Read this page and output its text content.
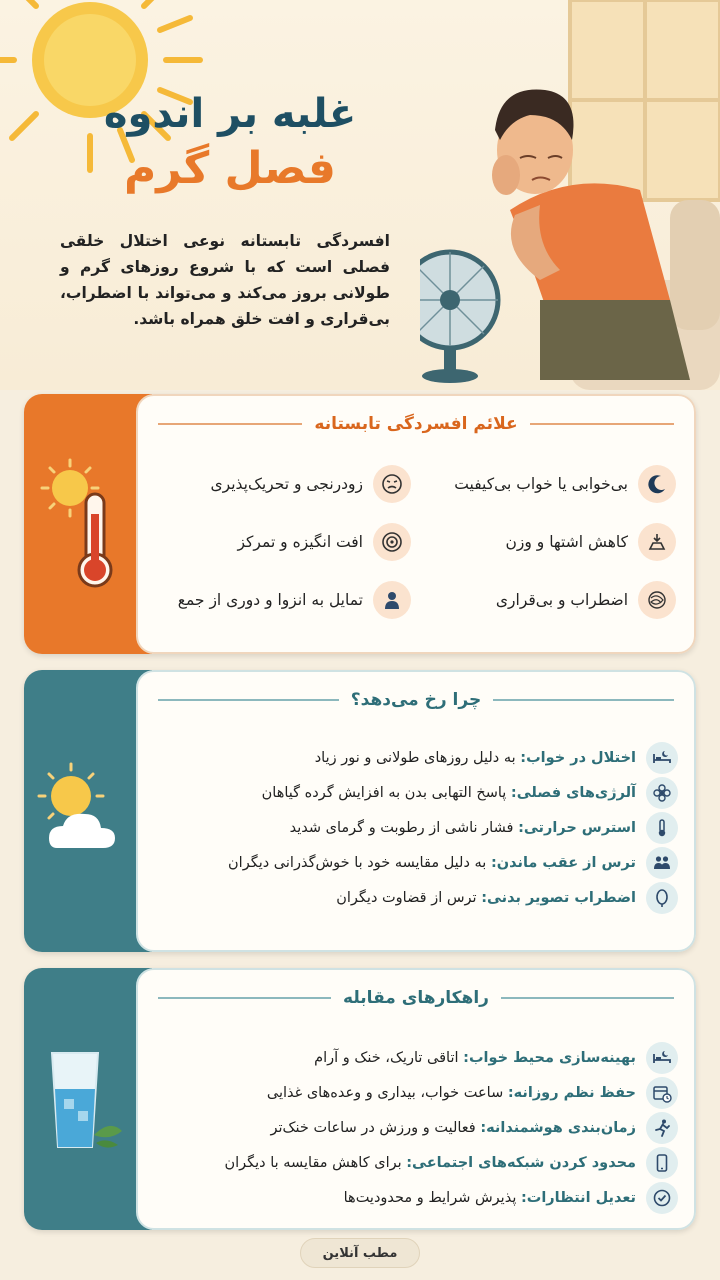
غلبه بر اندوه
فصل گرم
افسردگی تابستانه نوعی اختلال خلقی فصلی است که با شروع روزهای گرم و طولانی بروز می‌کند و می‌تواند با اضطراب، بی‌قراری و افت خلق همراه باشد.
علائم افسردگی تابستانه
بی‌خوابی یا خواب بی‌کیفیت
زودرنجی و تحریک‌پذیری
کاهش اشتها و وزن
افت انگیزه و تمرکز
اضطراب و بی‌قراری
تمایل به انزوا و دوری از جمع
چرا رخ می‌دهد؟
اختلال در خواب: به دلیل روزهای طولانی و نور زیاد
آلرژی‌های فصلی: پاسخ التهابی بدن به افزایش گرده گیاهان
استرس حرارتی: فشار ناشی از رطوبت و گرمای شدید
ترس از عقب ماندن: به دلیل مقایسه خود با خوش‌گذرانی دیگران
اضطراب تصویر بدنی: ترس از قضاوت دیگران
راهکارهای مقابله
بهینه‌سازی محیط خواب: اتاقی تاریک، خنک و آرام
حفظ نظم روزانه: ساعت خواب، بیداری و وعده‌های غذایی
زمان‌بندی هوشمندانه: فعالیت و ورزش در ساعات خنک‌تر
محدود کردن شبکه‌های اجتماعی: برای کاهش مقایسه با دیگران
تعدیل انتظارات: پذیرش شرایط و محدودیت‌ها
مطب آنلاین
